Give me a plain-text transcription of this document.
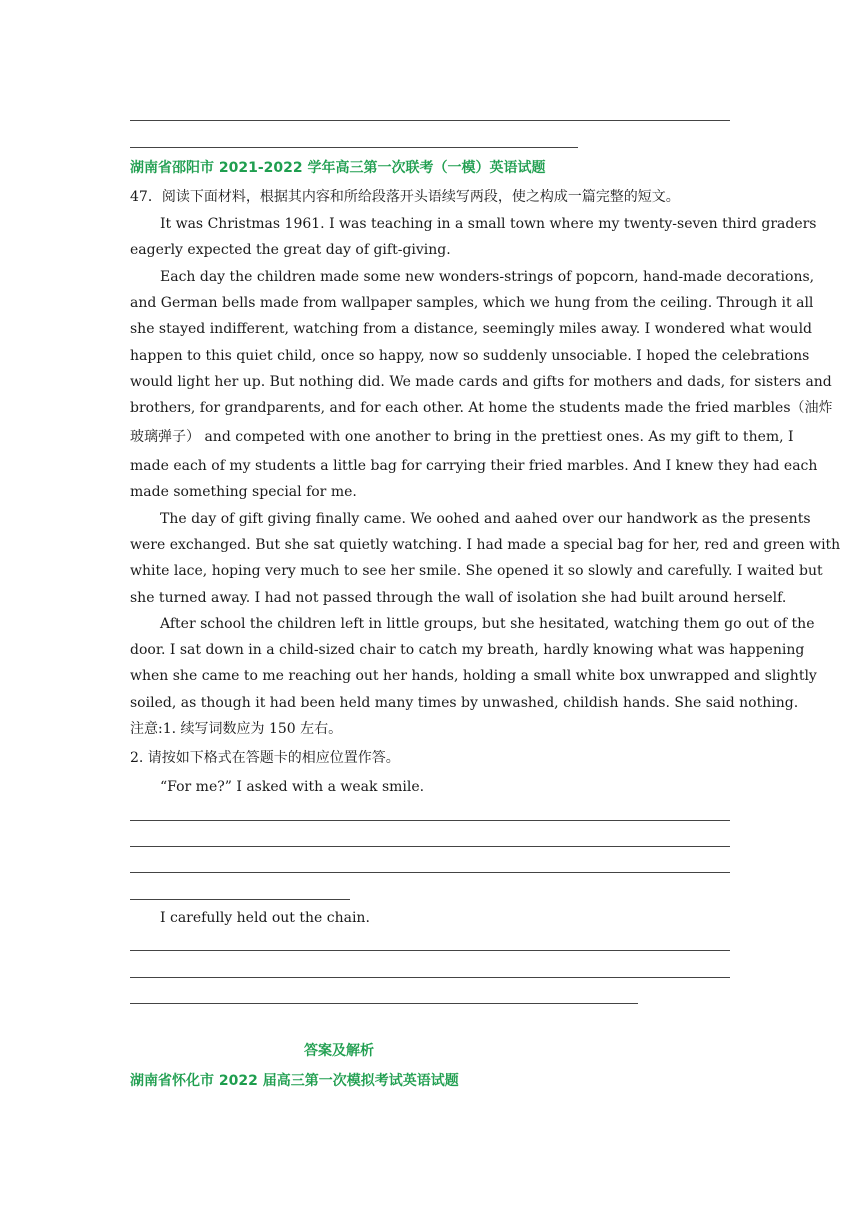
湖南省邵阳市 2021-2022 学年高三第一次联考（一模）英语试题
47．阅读下面材料，根据其内容和所给段落开头语续写两段，使之构成一篇完整的短文。
It was Christmas 1961. I was teaching in a small town where my twenty-seven third graders
eagerly expected the great day of gift-giving.
Each day the children made some new wonders-strings of popcorn, hand-made decorations,
and German bells made from wallpaper samples, which we hung from the ceiling. Through it all
she stayed indifferent, watching from a distance, seemingly miles away. I wondered what would
happen to this quiet child, once so happy, now so suddenly unsociable. I hoped the celebrations
would light her up. But nothing did. We made cards and gifts for mothers and dads, for sisters and
brothers, for grandparents, and for each other. At home the students made the fried marbles（油炸
玻璃弹子） and competed with one another to bring in the prettiest ones. As my gift to them, I
made each of my students a little bag for carrying their fried marbles. And I knew they had each
made something special for me.
The day of gift giving finally came. We oohed and aahed over our handwork as the presents
were exchanged. But she sat quietly watching. I had made a special bag for her, red and green with
white lace, hoping very much to see her smile. She opened it so slowly and carefully. I waited but
she turned away. I had not passed through the wall of isolation she had built around herself.
After school the children left in little groups, but she hesitated, watching them go out of the
door. I sat down in a child-sized chair to catch my breath, hardly knowing what was happening
when she came to me reaching out her hands, holding a small white box unwrapped and slightly
soiled, as though it had been held many times by unwashed, childish hands. She said nothing.
注意:1. 续写词数应为 150 左右。
2. 请按如下格式在答题卡的相应位置作答。
“For me?” I asked with a weak smile.
I carefully held out the chain.
答案及解析
湖南省怀化市 2022 届高三第一次模拟考试英语试题
